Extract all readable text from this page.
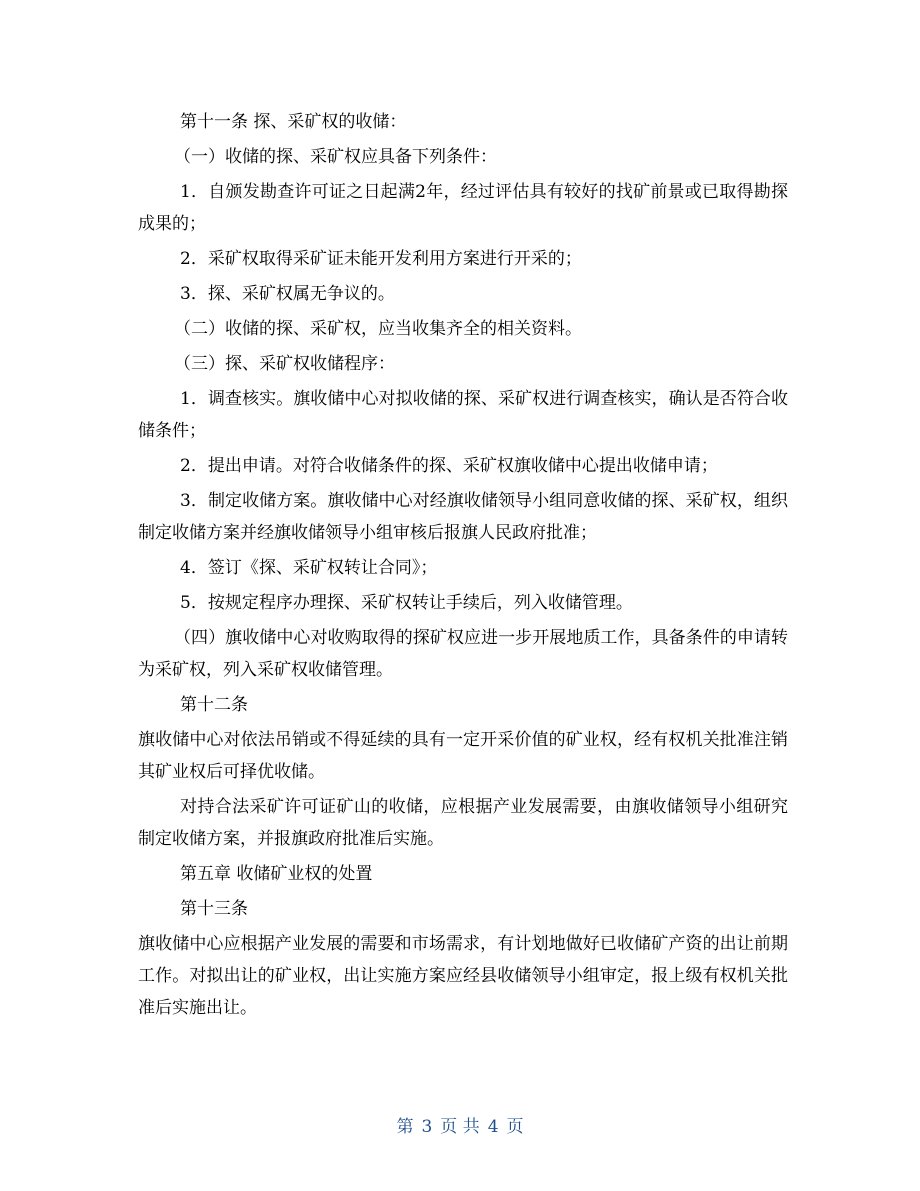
第十一条 探、采矿权的收储：

（一）收储的探、采矿权应具备下列条件：

1．自颁发勘查许可证之日起满2年，经过评估具有较好的找矿前景或已取得勘探成果的；

2．采矿权取得采矿证未能开发利用方案进行开采的；

3．探、采矿权属无争议的。

（二）收储的探、采矿权，应当收集齐全的相关资料。

（三）探、采矿权收储程序：

1．调查核实。旗收储中心对拟收储的探、采矿权进行调查核实，确认是否符合收储条件；

2．提出申请。对符合收储条件的探、采矿权旗收储中心提出收储申请；

3．制定收储方案。旗收储中心对经旗收储领导小组同意收储的探、采矿权，组织制定收储方案并经旗收储领导小组审核后报旗人民政府批准；

4．签订《探、采矿权转让合同》；

5．按规定程序办理探、采矿权转让手续后，列入收储管理。

（四）旗收储中心对收购取得的探矿权应进一步开展地质工作，具备条件的申请转为采矿权，列入采矿权收储管理。

第十二条

旗收储中心对依法吊销或不得延续的具有一定开采价值的矿业权，经有权机关批准注销其矿业权后可择优收储。

对持合法采矿许可证矿山的收储，应根据产业发展需要，由旗收储领导小组研究制定收储方案，并报旗政府批准后实施。

第五章 收储矿业权的处置

第十三条

旗收储中心应根据产业发展的需要和市场需求，有计划地做好已收储矿产资的出让前期工作。对拟出让的矿业权，出让实施方案应经县收储领导小组审定，报上级有权机关批准后实施出让。

第 3 页 共 4 页
